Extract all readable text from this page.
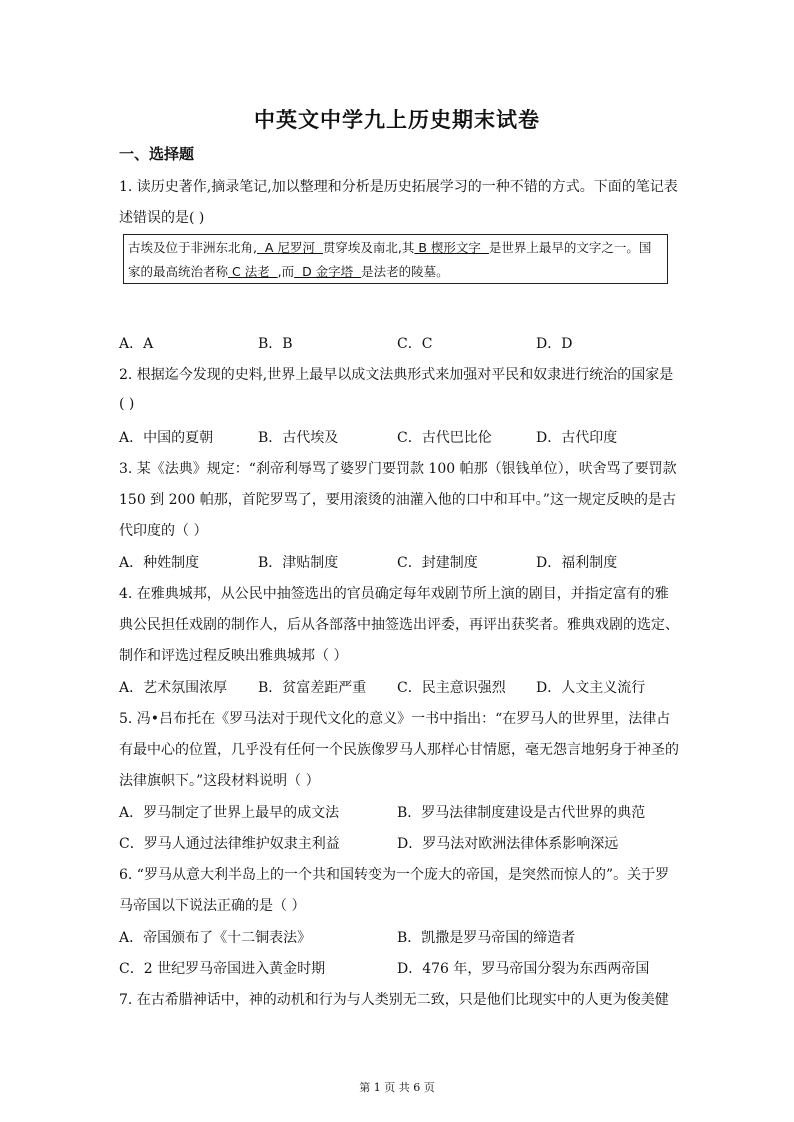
中英文中学九上历史期末试卷
一、选择题
1. 读历史著作,摘录笔记,加以整理和分析是历史拓展学习的一种不错的方式。下面的笔记表
述错误的是( )
古埃及位于非洲东北角,  A 尼罗河  贯穿埃及南北,其 B 楔形文字  是世界上最早的文字之一。国
家的最高统治者称 C 法老  ,而  D 金字塔  是法老的陵墓。
A．A	B．B	C．C	D．D
2. 根据迄今发现的史料,世界上最早以成文法典形式来加强对平民和奴隶进行统治的国家是
( )
A．中国的夏朝	B．古代埃及	C．古代巴比伦	D．古代印度
3. 某《法典》规定：“刹帝利辱骂了婆罗门要罚款 100 帕那（银钱单位），吠舍骂了要罚款
150 到 200 帕那，首陀罗骂了，要用滚烫的油灌入他的口中和耳中。”这一规定反映的是古
代印度的（ ）
A．种姓制度	B．津贴制度	C．封建制度	D．福利制度
4. 在雅典城邦，从公民中抽签选出的官员确定每年戏剧节所上演的剧目，并指定富有的雅
典公民担任戏剧的制作人，后从各部落中抽签选出评委，再评出获奖者。雅典戏剧的选定、
制作和评选过程反映出雅典城邦（ ）
A．艺术氛围浓厚 B．贫富差距严重 C．民主意识强烈 D．人文主义流行
5. 冯•吕布托在《罗马法对于现代文化的意义》一书中指出：“在罗马人的世界里，法律占
有最中心的位置，几乎没有任何一个民族像罗马人那样心甘情愿，毫无怨言地躬身于神圣的
法律旗帜下。”这段材料说明（ ）
A．罗马制定了世界上最早的成文法	B．罗马法律制度建设是古代世界的典范
C．罗马人通过法律维护奴隶主利益	D．罗马法对欧洲法律体系影响深远
6. “罗马从意大利半岛上的一个共和国转变为一个庞大的帝国，是突然而惊人的”。关于罗
马帝国以下说法正确的是（ ）
A．帝国颁布了《十二铜表法》	B．凯撒是罗马帝国的缔造者
C．2 世纪罗马帝国进入黄金时期	D．476 年，罗马帝国分裂为东西两帝国
7. 在古希腊神话中，神的动机和行为与人类别无二致，只是他们比现实中的人更为俊美健
第 1 页 共 6 页
